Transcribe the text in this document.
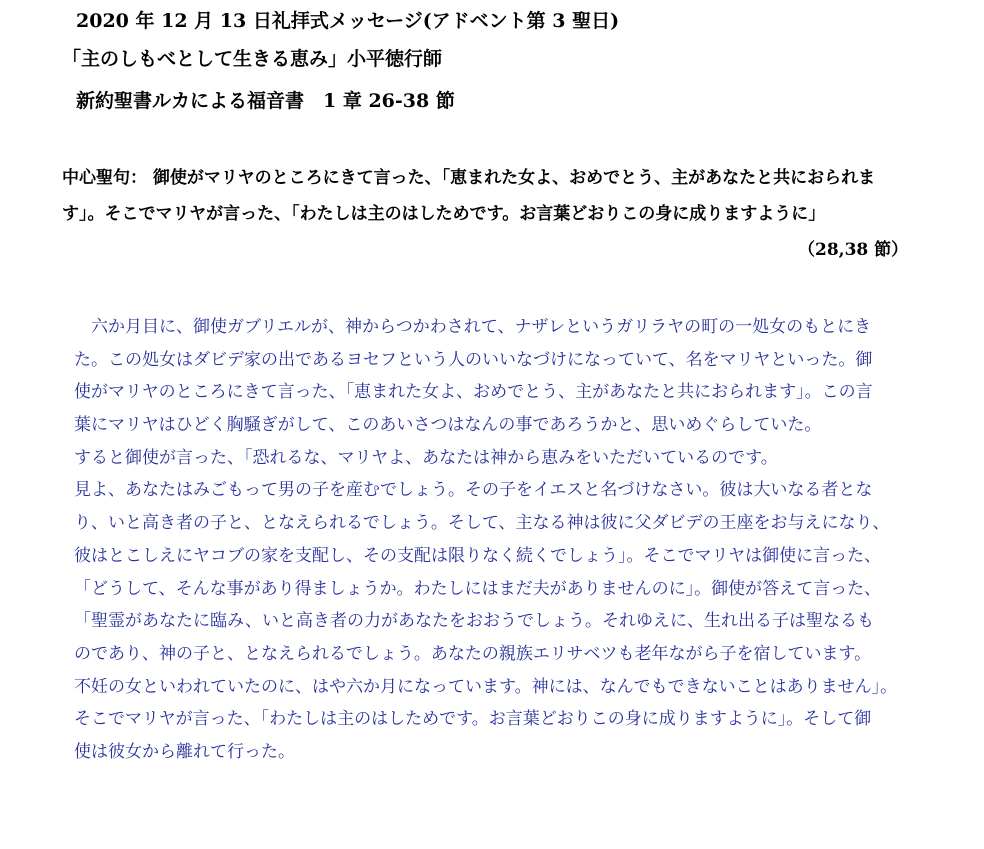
2020 年 12 月 13 日礼拝式メッセージ(アドベント第 3 聖日)
「主のしもべとして生きる恵み」小平徳行師
新約聖書ルカによる福音書　1 章 26-38 節
中心聖句： 御使がマリヤのところにきて言った、「恵まれた女よ、おめでとう、主があなたと共におられま
す」。そこでマリヤが言った、「わたしは主のはしためです。お言葉どおりこの身に成りますように」
（28,38 節）
　六か月目に、御使ガブリエルが、神からつかわされて、ナザレというガリラヤの町の一処女のもとにき
た。この処女はダビデ家の出であるヨセフという人のいいなづけになっていて、名をマリヤといった。御
使がマリヤのところにきて言った、「恵まれた女よ、おめでとう、主があなたと共におられます」。この言
葉にマリヤはひどく胸騒ぎがして、このあいさつはなんの事であろうかと、思いめぐらしていた。
すると御使が言った、「恐れるな、マリヤよ、あなたは神から恵みをいただいているのです。
見よ、あなたはみごもって男の子を産むでしょう。その子をイエスと名づけなさい。彼は大いなる者とな
り、いと高き者の子と、となえられるでしょう。そして、主なる神は彼に父ダビデの王座をお与えになり、
彼はとこしえにヤコブの家を支配し、その支配は限りなく続くでしょう」。そこでマリヤは御使に言った、
「どうして、そんな事があり得ましょうか。わたしにはまだ夫がありませんのに」。御使が答えて言った、
「聖霊があなたに臨み、いと高き者の力があなたをおおうでしょう。それゆえに、生れ出る子は聖なるも
のであり、神の子と、となえられるでしょう。あなたの親族エリサベツも老年ながら子を宿しています。
不妊の女といわれていたのに、はや六か月になっています。神には、なんでもできないことはありません」。
そこでマリヤが言った、「わたしは主のはしためです。お言葉どおりこの身に成りますように」。そして御
使は彼女から離れて行った。
